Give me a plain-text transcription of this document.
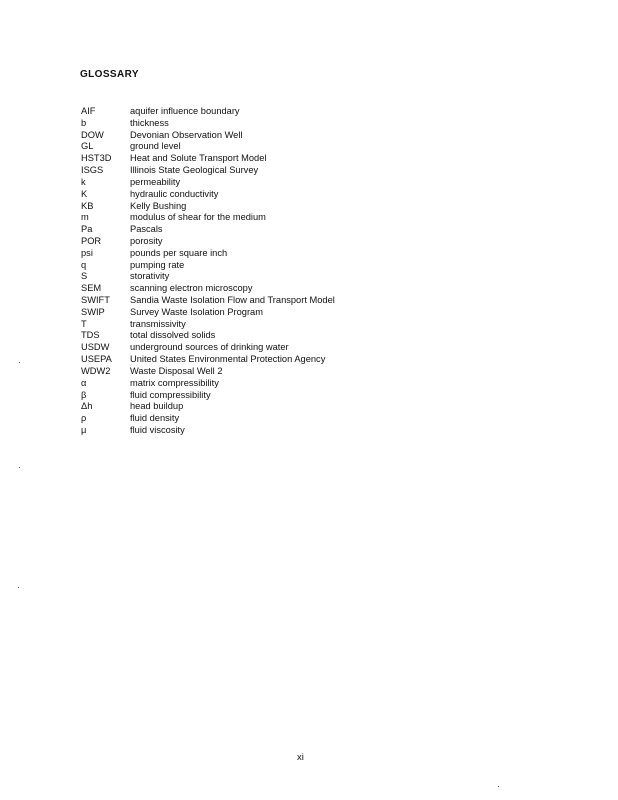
GLOSSARY
AIF	aquifer influence boundary
b	thickness
DOW	Devonian Observation Well
GL	ground level
HST3D	Heat and Solute Transport Model
ISGS	Illinois State Geological Survey
k	permeability
K	hydraulic conductivity
KB	Kelly Bushing
m	modulus of shear for the medium
Pa	Pascals
POR	porosity
psi	pounds per square inch
q	pumping rate
S	storativity
SEM	scanning electron microscopy
SWIFT	Sandia Waste Isolation Flow and Transport Model
SWIP	Survey Waste Isolation Program
T	transmissivity
TDS	total dissolved solids
USDW	underground sources of drinking water
USEPA	United States Environmental Protection Agency
WDW2	Waste Disposal Well 2
α	matrix compressibility
β	fluid compressibility
Δh	head buildup
ρ	fluid density
μ	fluid viscosity
xi
